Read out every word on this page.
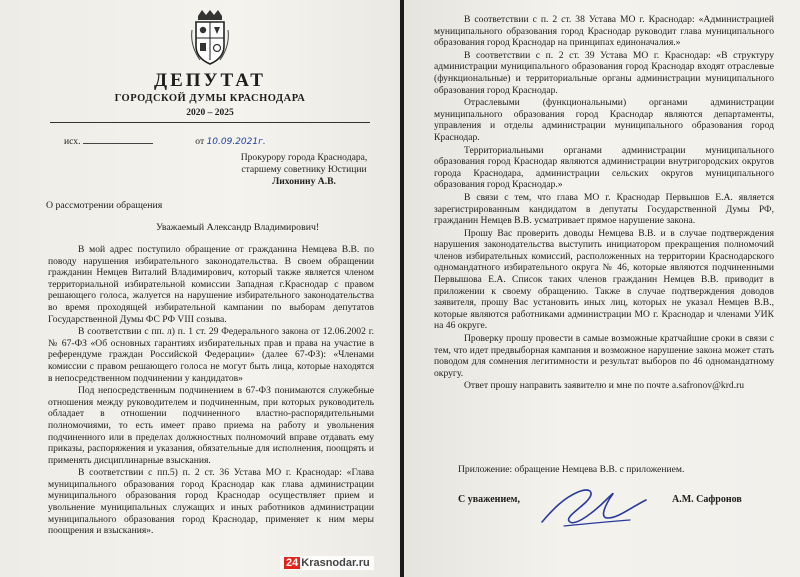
ДЕПУТАТ
ГОРОДСКОЙ ДУМЫ КРАСНОДАРА
2020 – 2025
исх.	от 10.09.2021г.
Прокурору города Краснодара,
старшему советнику Юстиции
Лихонину А.В.
О рассмотрении обращения
Уважаемый Александр Владимирович!

В мой адрес поступило обращение от гражданина Немцева В.В. по поводу нарушения избирательного законодательства. В своем обращении гражданин Немцев Виталий Владимирович, который также является членом территориальной избирательной комиссии Западная г.Краснодар с правом решающего голоса, жалуется на нарушение избирательного законодательства во время проходящей избирательной кампании по выборам депутатов Государственной Думы ФС РФ VIII созыва.

В соответствии с пп. л) п. 1 ст. 29 Федерального закона от 12.06.2002 г. № 67-ФЗ «Об основных гарантиях избирательных прав и права на участие в референдуме граждан Российской Федерации» (далее 67-ФЗ): «Членами комиссии с правом решающего голоса не могут быть лица, которые находятся в непосредственном подчинении у кандидатов»

Под непосредственным подчинением в 67-ФЗ понимаются служебные отношения между руководителем и подчиненным, при которых руководитель обладает в отношении подчиненного властно-распорядительными полномочиями, то есть имеет право приема на работу и увольнения подчиненного или в пределах должностных полномочий вправе отдавать ему приказы, распоряжения и указания, обязательные для исполнения, поощрять и применять дисциплинарные взыскания.

В соответствии с пп.5) п. 2 ст. 36 Устава МО г. Краснодар: «Глава муниципального образования город Краснодар как глава администрации муниципального образования город Краснодар осуществляет прием и увольнение муниципальных служащих и иных работников администрации муниципального образования город Краснодар, применяет к ним меры поощрения и взыскания».

В соответствии с п. 2 ст. 38 Устава МО г. Краснодар: «Администрацией муниципального образования город Краснодар руководит глава муниципального образования город Краснодар на принципах единоначалия.»

В соответствии с п. 2 ст. 39 Устава МО г. Краснодар: «В структуру администрации муниципального образования город Краснодар входят отраслевые (функциональные) и территориальные органы администрации муниципального образования город Краснодар.

Отраслевыми (функциональными) органами администрации муниципального образования город Краснодар являются департаменты, управления и отделы администрации муниципального образования город Краснодар.

Территориальными органами администрации муниципального образования город Краснодар являются администрации внутригородских округов города Краснодара, администрации сельских округов муниципального образования город Краснодар.»

В связи с тем, что глава МО г. Краснодар Первышов Е.А. является зарегистрированным кандидатом в депутаты Государственной Думы РФ, гражданин Немцев В.В. усматривает прямое нарушение закона.

Прошу Вас проверить доводы Немцева В.В. и в случае подтверждения нарушения законодательства выступить инициатором прекращения полномочий членов избирательных комиссий, расположенных на территории Краснодарского одномандатного избирательного округа № 46, которые являются подчиненными Первышова Е.А. Список таких членов гражданин Немцев В.В. приводит в приложении к своему обращению. Также в случае подтверждения доводов заявителя, прошу Вас установить иных лиц, которых не указал Немцев В.В., которые являются работниками администрации МО г. Краснодар и членами УИК на 46 округе.

Проверку прошу провести в самые возможные кратчайшие сроки в связи с тем, что идет предвыборная кампания и возможное нарушение закона может стать поводом для сомнения легитимности и результат выборов по 46 одномандатному округу.

Ответ прошу направить заявителю и мне по почте a.safronov@krd.ru

Приложение: обращение Немцева В.В. с приложением.
С уважением,	А.М. Сафронов
24 Krasnodar.ru
